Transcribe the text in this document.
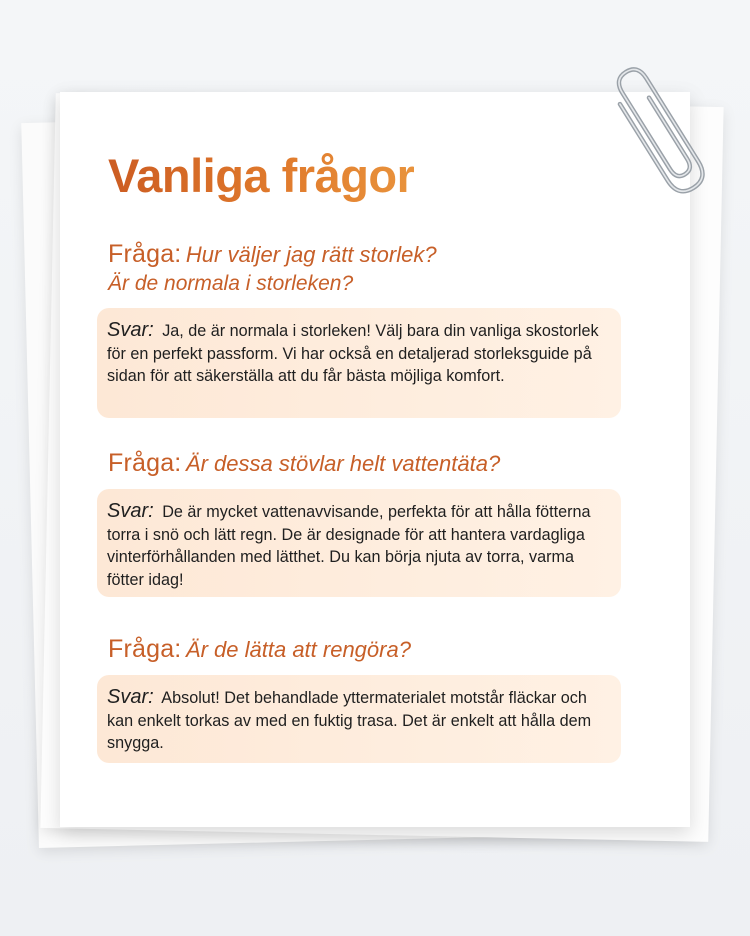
Vanliga frågor
Fråga: Hur väljer jag rätt storlek?
Är de normala i storleken?
Svar: Ja, de är normala i storleken! Välj bara din vanliga skostorlek för en perfekt passform. Vi har också en detaljerad storleksguide på sidan för att säkerställa att du får bästa möjliga komfort.
Fråga: Är dessa stövlar helt vattentäta?
Svar: De är mycket vattenavvisande, perfekta för att hålla fötterna torra i snö och lätt regn. De är designade för att hantera vardagliga vinterförhållanden med lätthet. Du kan börja njuta av torra, varma fötter idag!
Fråga: Är de lätta att rengöra?
Svar: Absolut! Det behandlade yttermaterialet motstår fläckar och kan enkelt torkas av med en fuktig trasa. Det är enkelt att hålla dem snygga.
